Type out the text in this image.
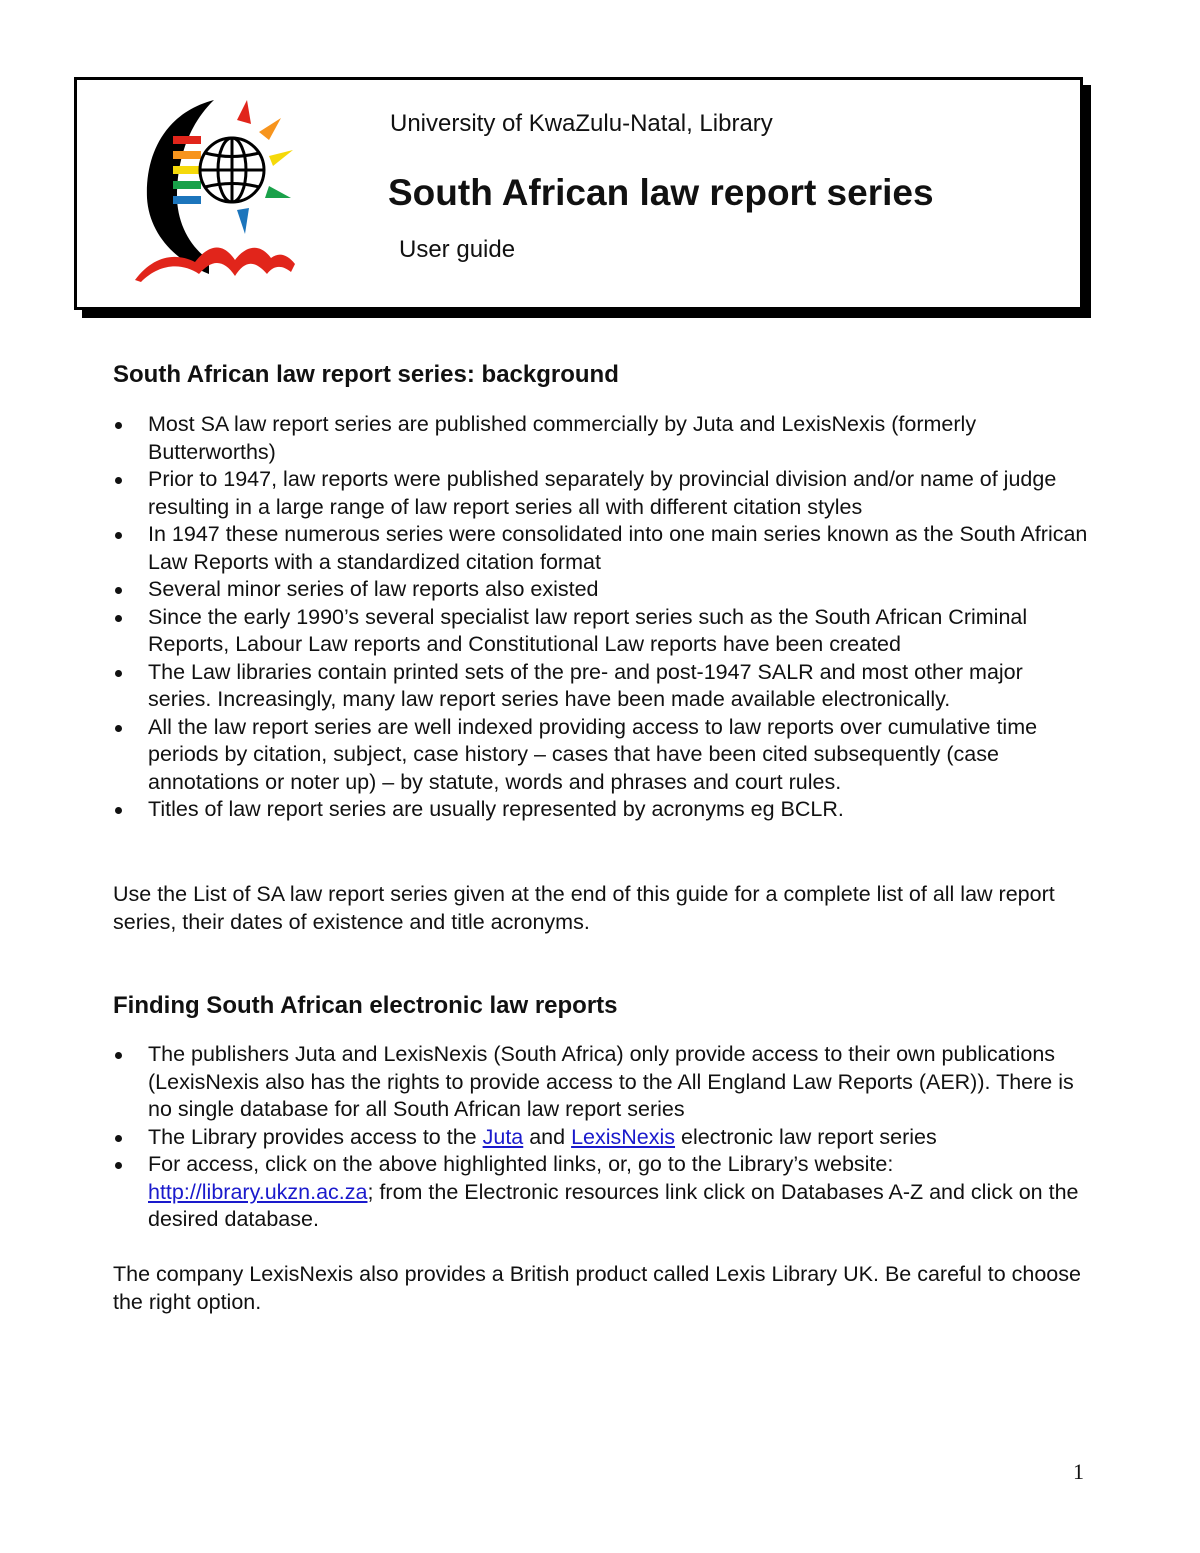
University of KwaZulu-Natal, Library
South African law report series
User guide
South African law report series: background
Most SA law report series are published commercially by Juta and LexisNexis (formerly Butterworths)
Prior to 1947, law reports were published separately by provincial division and/or name of judge resulting in a large range of law report series all with different citation styles
In 1947 these numerous series were consolidated into one main series known as the South African Law Reports with a standardized citation format
Several minor series of law reports also existed
Since the early 1990’s several specialist law report series such as the South African Criminal Reports, Labour Law reports and Constitutional Law reports have been created
The Law libraries contain printed sets of the pre- and post-1947 SALR and most other major series. Increasingly, many law report series have been made available electronically.
All the law report series are well indexed providing access to law reports over cumulative time periods by citation, subject, case history – cases that have been cited subsequently (case annotations or noter up) – by statute, words and phrases and court rules.
Titles of law report series are usually represented by acronyms eg BCLR.

Use the List of SA law report series given at the end of this guide for a complete list of all law report series, their dates of existence and title acronyms.

Finding South African electronic law reports
The publishers Juta and LexisNexis (South Africa) only provide access to their own publications (LexisNexis also has the rights to provide access to the All England Law Reports (AER)). There is no single database for all South African law report series
The Library provides access to the Juta and LexisNexis electronic law report series
For access, click on the above highlighted links, or, go to the Library’s website: http://library.ukzn.ac.za; from the Electronic resources link click on Databases A-Z and click on the desired database.

The company LexisNexis also provides a British product called Lexis Library UK. Be careful to choose the right option.

1
